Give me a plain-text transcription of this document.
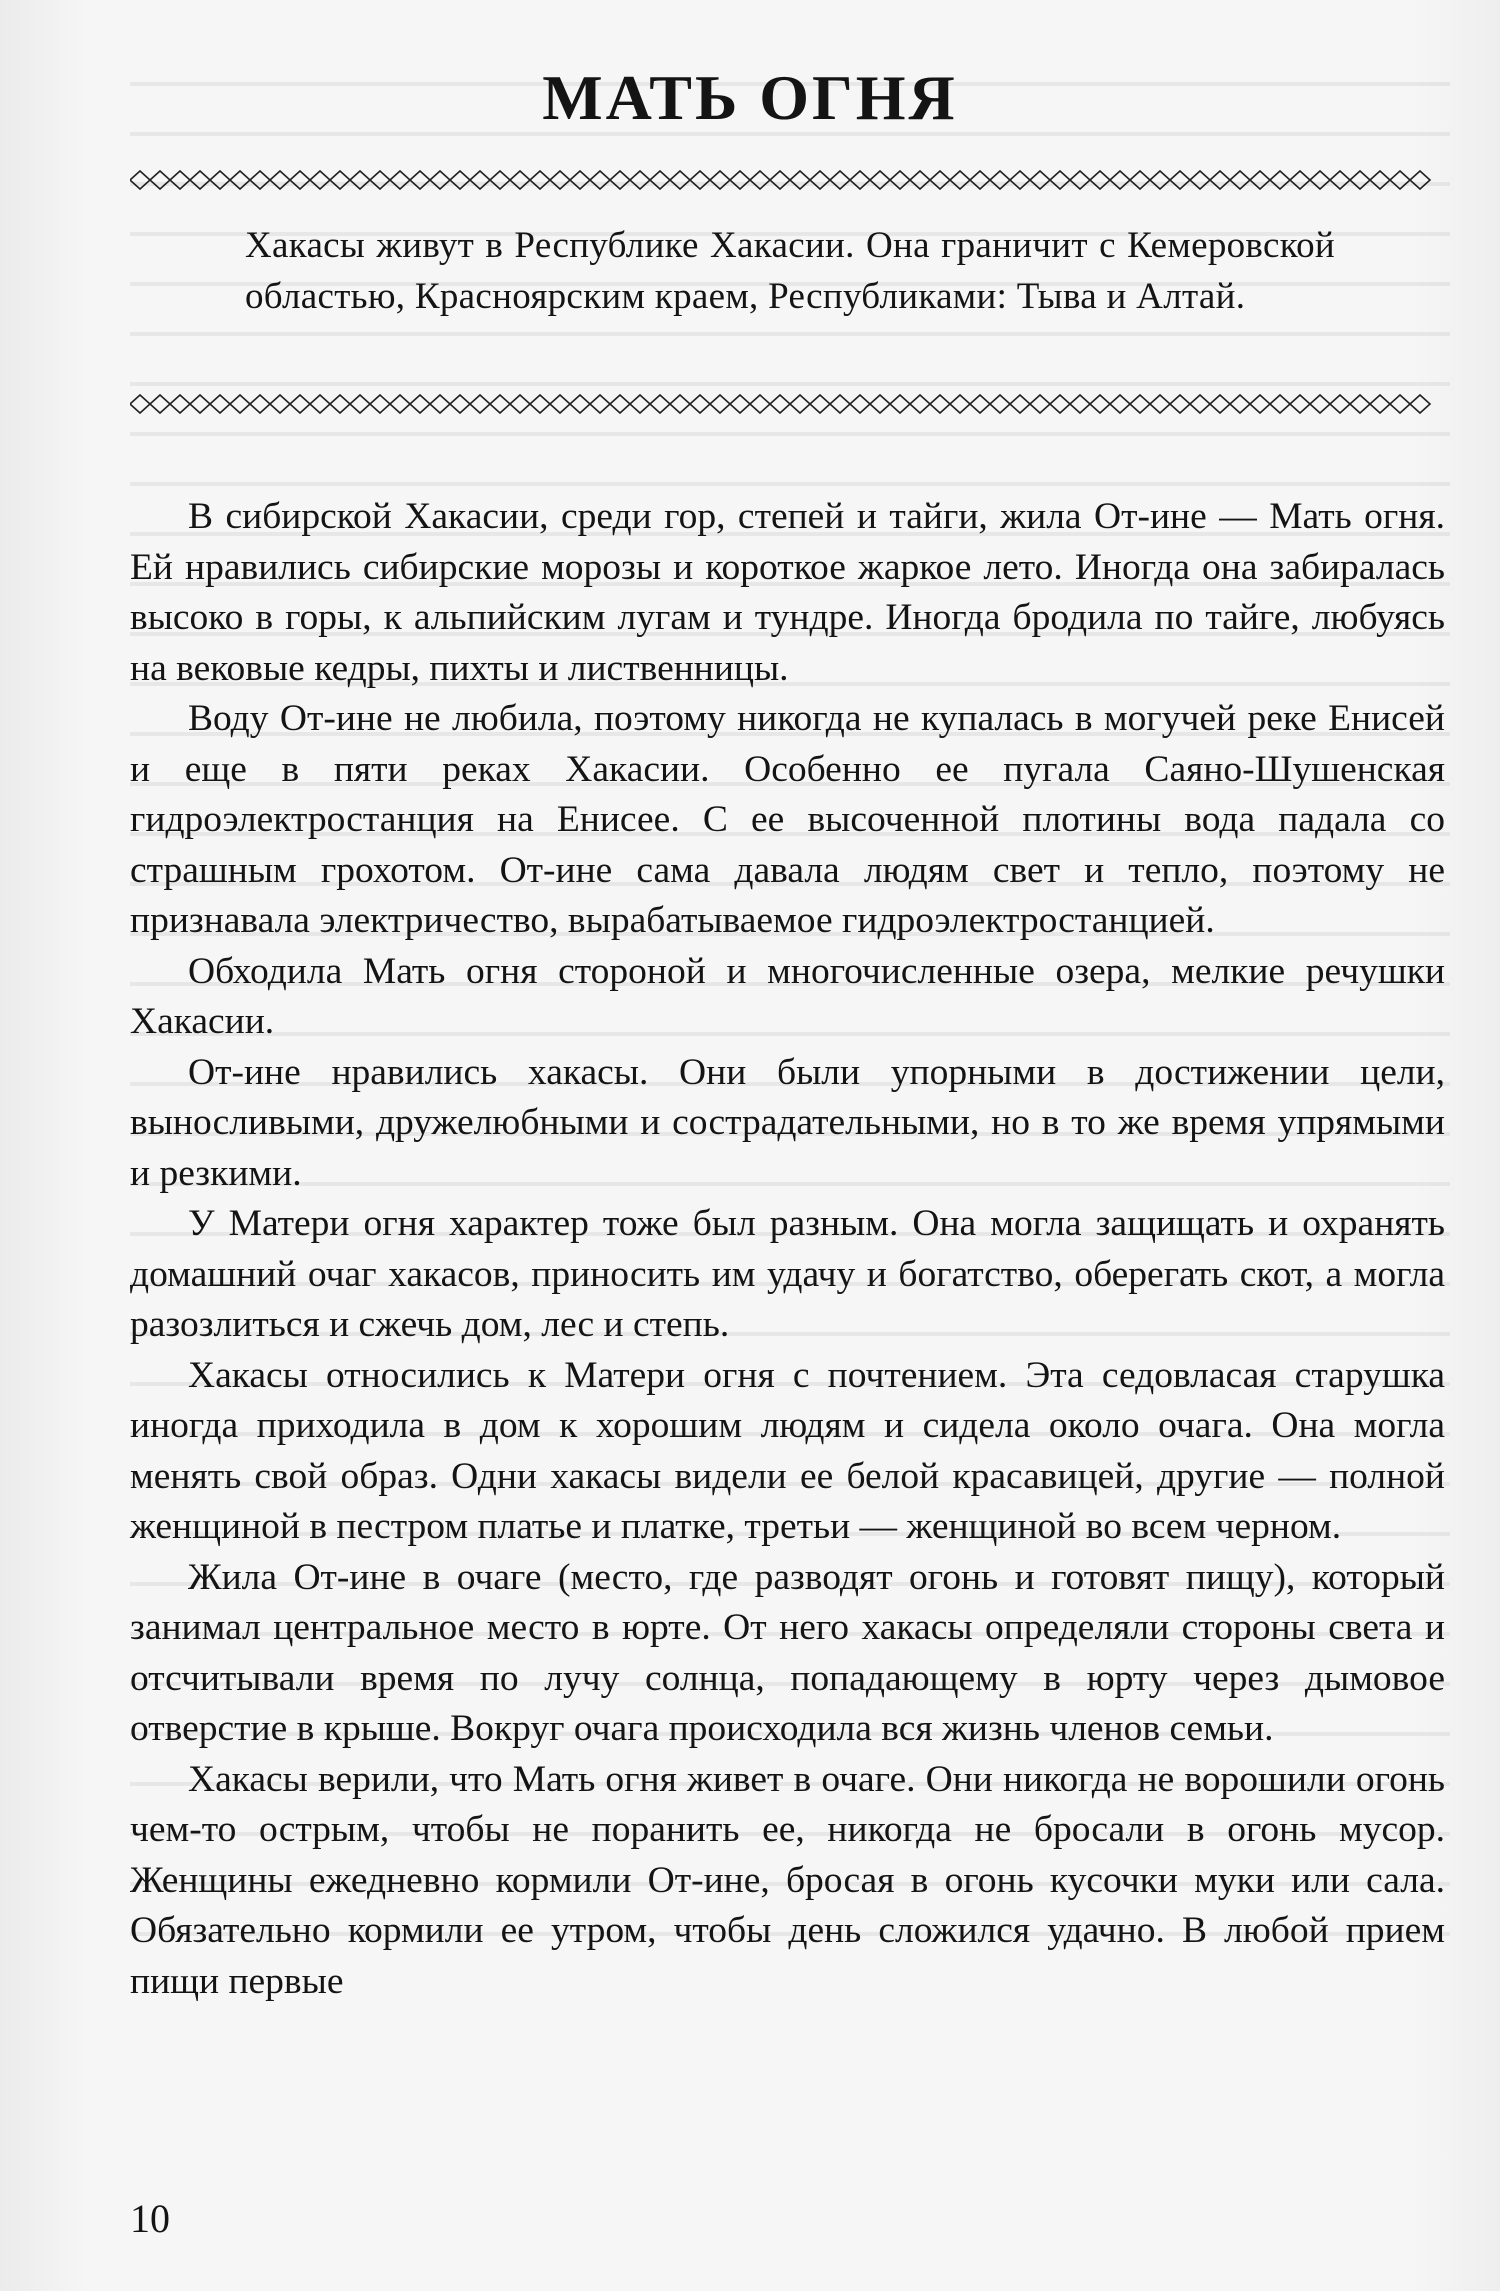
МАТЬ ОГНЯ

Хакасы живут в Республике Хакасии. Она граничит с Кемеровской областью, Красноярским краем, Республиками: Тыва и Алтай.

В сибирской Хакасии, среди гор, степей и тайги, жила От-ине — Мать огня. Ей нравились сибирские морозы и короткое жаркое лето. Иногда она забиралась высоко в горы, к альпийским лугам и тундре. Иногда бродила по тайге, любуясь на вековые кедры, пихты и лиственницы.

Воду От-ине не любила, поэтому никогда не купалась в могучей реке Енисей и еще в пяти реках Хакасии. Особенно ее пугала Саяно-Шушенская гидроэлектростанция на Енисее. С ее высоченной плотины вода падала со страшным грохотом. От-ине сама давала людям свет и тепло, поэтому не признавала электричество, вырабатываемое гидроэлектростанцией.

Обходила Мать огня стороной и многочисленные озера, мелкие речушки Хакасии.

От-ине нравились хакасы. Они были упорными в достижении цели, выносливыми, дружелюбными и сострадательными, но в то же время упрямыми и резкими.

У Матери огня характер тоже был разным. Она могла защищать и охранять домашний очаг хакасов, приносить им удачу и богатство, оберегать скот, а могла разозлиться и сжечь дом, лес и степь.

Хакасы относились к Матери огня с почтением. Эта седовласая старушка иногда приходила в дом к хорошим людям и сидела около очага. Она могла менять свой образ. Одни хакасы видели ее белой красавицей, другие — полной женщиной в пестром платье и платке, третьи — женщиной во всем черном.

Жила От-ине в очаге (место, где разводят огонь и готовят пищу), который занимал центральное место в юрте. От него хакасы определяли стороны света и отсчитывали время по лучу солнца, попадающему в юрту через дымовое отверстие в крыше. Вокруг очага происходила вся жизнь членов семьи.

Хакасы верили, что Мать огня живет в очаге. Они никогда не ворошили огонь чем-то острым, чтобы не поранить ее, никогда не бросали в огонь мусор. Женщины ежедневно кормили От-ине, бросая в огонь кусочки муки или сала. Обязательно кормили ее утром, чтобы день сложился удачно. В любой прием пищи первые

10
